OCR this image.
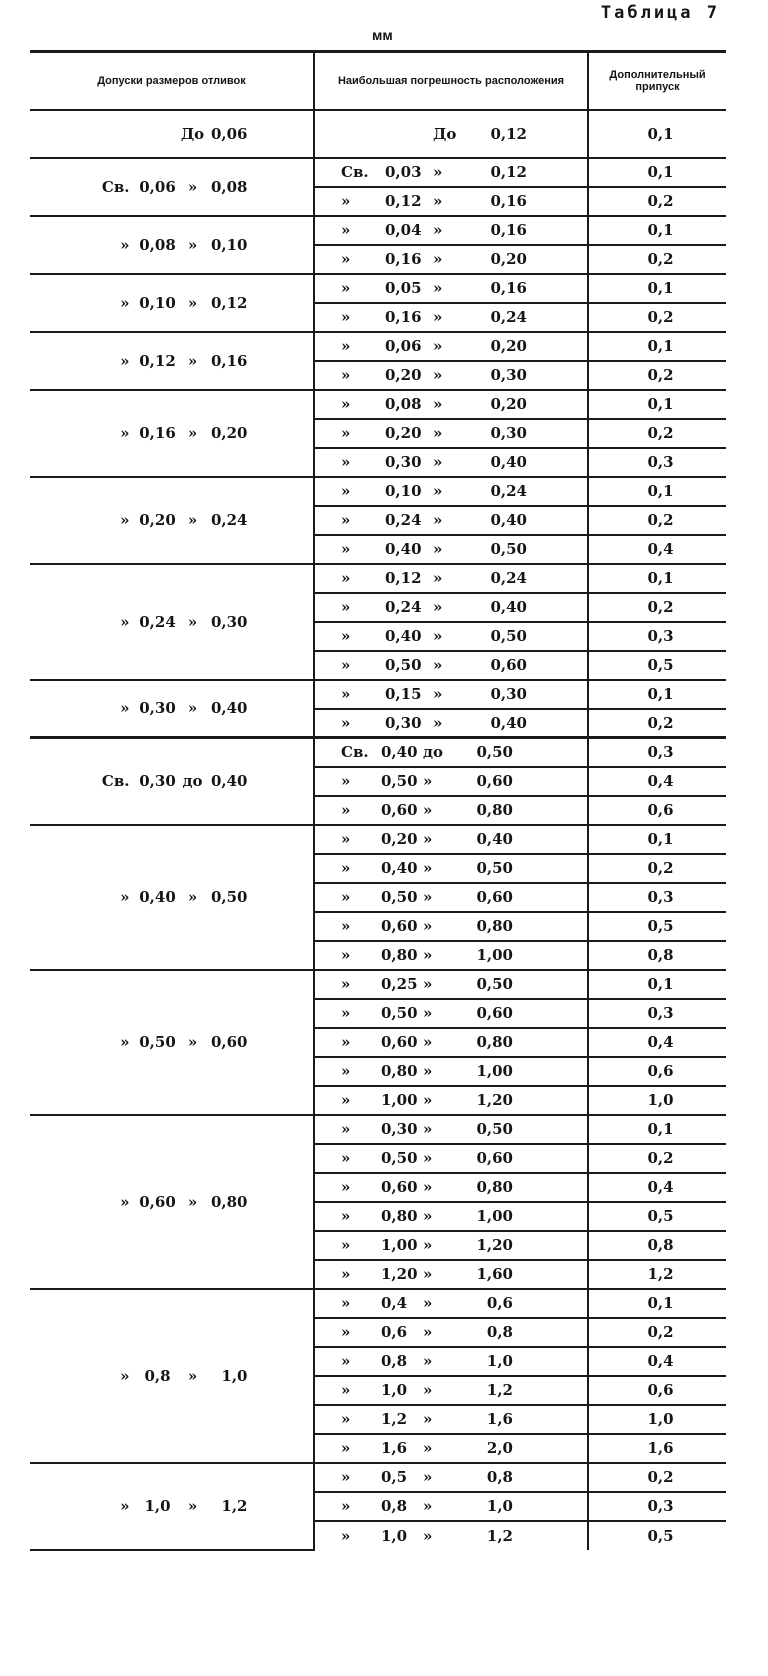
Таблица 7
мм
Допуски размеров отливок	Наибольшая погрешность расположения	Дополнительный припуск
До 0,06	До 0,12	0,1
Св. 0,06 » 0,08	Св. 0,03 » 0,12	0,1
	» 0,12 » 0,16	0,2
» 0,08 » 0,10	» 0,04 » 0,16	0,1
	» 0,16 » 0,20	0,2
» 0,10 » 0,12	» 0,05 » 0,16	0,1
	» 0,16 » 0,24	0,2
» 0,12 » 0,16	» 0,06 » 0,20	0,1
	» 0,20 » 0,30	0,2
» 0,16 » 0,20	» 0,08 » 0,20	0,1
	» 0,20 » 0,30	0,2
	» 0,30 » 0,40	0,3
» 0,20 » 0,24	» 0,10 » 0,24	0,1
	» 0,24 » 0,40	0,2
	» 0,40 » 0,50	0,4
» 0,24 » 0,30	» 0,12 » 0,24	0,1
	» 0,24 » 0,40	0,2
	» 0,40 » 0,50	0,3
	» 0,50 » 0,60	0,5
» 0,30 » 0,40	» 0,15 » 0,30	0,1
	» 0,30 » 0,40	0,2
Св. 0,30 до 0,40	Св. 0,40 до 0,50	0,3
	» 0,50 » 0,60	0,4
	» 0,60 » 0,80	0,6
» 0,40 » 0,50	» 0,20 » 0,40	0,1
	» 0,40 » 0,50	0,2
	» 0,50 » 0,60	0,3
	» 0,60 » 0,80	0,5
	» 0,80 » 1,00	0,8
» 0,50 » 0,60	» 0,25 » 0,50	0,1
	» 0,50 » 0,60	0,3
	» 0,60 » 0,80	0,4
	» 0,80 » 1,00	0,6
	» 1,00 » 1,20	1,0
» 0,60 » 0,80	» 0,30 » 0,50	0,1
	» 0,50 » 0,60	0,2
	» 0,60 » 0,80	0,4
	» 0,80 » 1,00	0,5
	» 1,00 » 1,20	0,8
	» 1,20 » 1,60	1,2
» 0,8 » 1,0	» 0,4 » 0,6	0,1
	» 0,6 » 0,8	0,2
	» 0,8 » 1,0	0,4
	» 1,0 » 1,2	0,6
	» 1,2 » 1,6	1,0
	» 1,6 » 2,0	1,6
» 1,0 » 1,2	» 0,5 » 0,8	0,2
	» 0,8 » 1,0	0,3
	» 1,0 » 1,2	0,5
